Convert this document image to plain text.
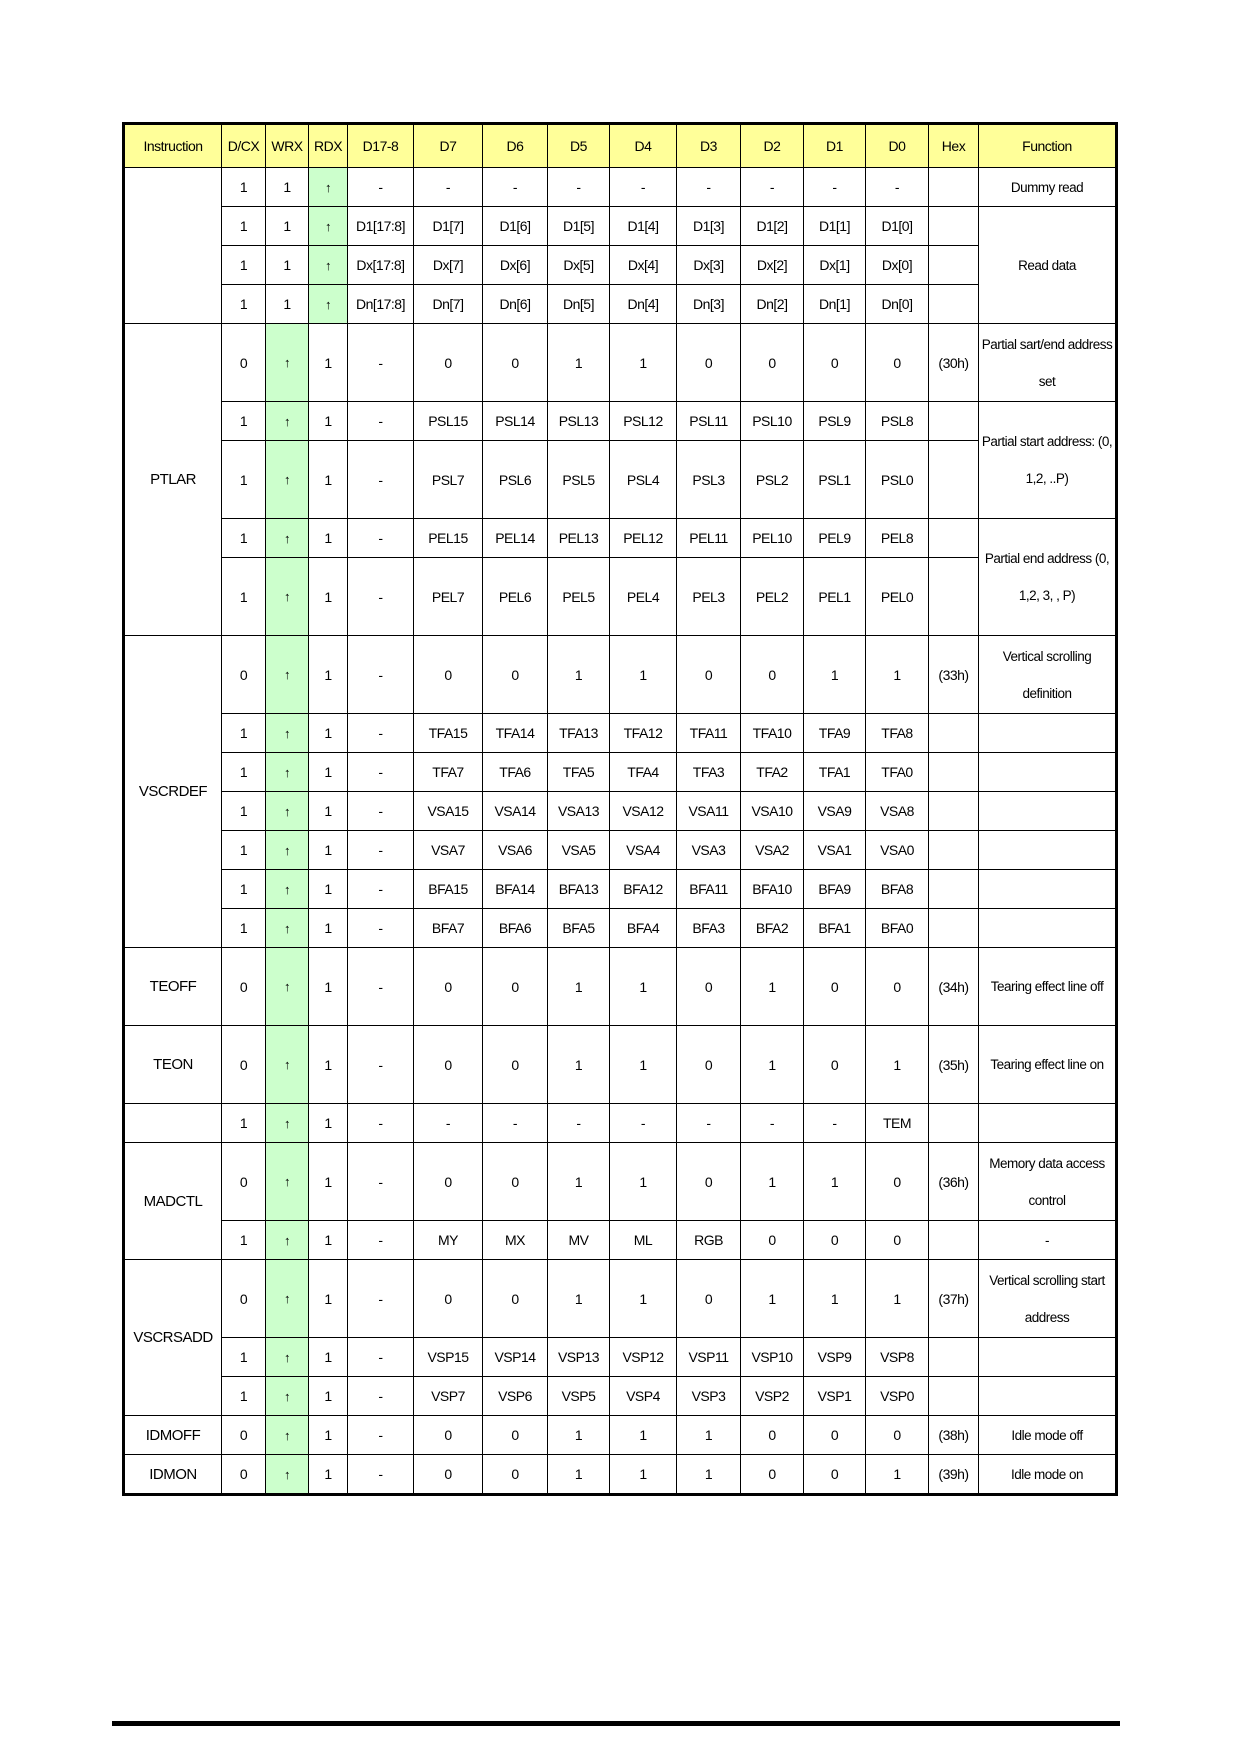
Instruction	D/CX	WRX	RDX	D17-8	D7	D6	D5	D4	D3	D2	D1	D0	Hex	Function
	1	1	↑	-	-	-	-	-	-	-	-	-		Dummy read
	1	1	↑	D1[17:8]	D1[7]	D1[6]	D1[5]	D1[4]	D1[3]	D1[2]	D1[1]	D1[0]		Read data
	1	1	↑	Dx[17:8]	Dx[7]	Dx[6]	Dx[5]	Dx[4]	Dx[3]	Dx[2]	Dx[1]	Dx[0]		
	1	1	↑	Dn[17:8]	Dn[7]	Dn[6]	Dn[5]	Dn[4]	Dn[3]	Dn[2]	Dn[1]	Dn[0]		
PTLAR	0	↑	1	-	0	0	1	1	0	0	0	0	(30h)	Partial sart/end address set
	1	↑	1	-	PSL15	PSL14	PSL13	PSL12	PSL11	PSL10	PSL9	PSL8		Partial start address: (0, 1,2, ..P)
	1	↑	1	-	PSL7	PSL6	PSL5	PSL4	PSL3	PSL2	PSL1	PSL0		
	1	↑	1	-	PEL15	PEL14	PEL13	PEL12	PEL11	PEL10	PEL9	PEL8		Partial end address (0, 1,2, 3, , P)
	1	↑	1	-	PEL7	PEL6	PEL5	PEL4	PEL3	PEL2	PEL1	PEL0		
VSCRDEF	0	↑	1	-	0	0	1	1	0	0	1	1	(33h)	Vertical scrolling definition
	1	↑	1	-	TFA15	TFA14	TFA13	TFA12	TFA11	TFA10	TFA9	TFA8		
	1	↑	1	-	TFA7	TFA6	TFA5	TFA4	TFA3	TFA2	TFA1	TFA0		
	1	↑	1	-	VSA15	VSA14	VSA13	VSA12	VSA11	VSA10	VSA9	VSA8		
	1	↑	1	-	VSA7	VSA6	VSA5	VSA4	VSA3	VSA2	VSA1	VSA0		
	1	↑	1	-	BFA15	BFA14	BFA13	BFA12	BFA11	BFA10	BFA9	BFA8		
	1	↑	1	-	BFA7	BFA6	BFA5	BFA4	BFA3	BFA2	BFA1	BFA0		
TEOFF	0	↑	1	-	0	0	1	1	0	1	0	0	(34h)	Tearing effect line off
TEON	0	↑	1	-	0	0	1	1	0	1	0	1	(35h)	Tearing effect line on
	1	↑	1	-	-	-	-	-	-	-	-	TEM		
MADCTL	0	↑	1	-	0	0	1	1	0	1	1	0	(36h)	Memory data access control
	1	↑	1	-	MY	MX	MV	ML	RGB	0	0	0		-
VSCRSADD	0	↑	1	-	0	0	1	1	0	1	1	1	(37h)	Vertical scrolling start address
	1	↑	1	-	VSP15	VSP14	VSP13	VSP12	VSP11	VSP10	VSP9	VSP8		
	1	↑	1	-	VSP7	VSP6	VSP5	VSP4	VSP3	VSP2	VSP1	VSP0		
IDMOFF	0	↑	1	-	0	0	1	1	1	0	0	0	(38h)	Idle mode off
IDMON	0	↑	1	-	0	0	1	1	1	0	0	1	(39h)	Idle mode on
